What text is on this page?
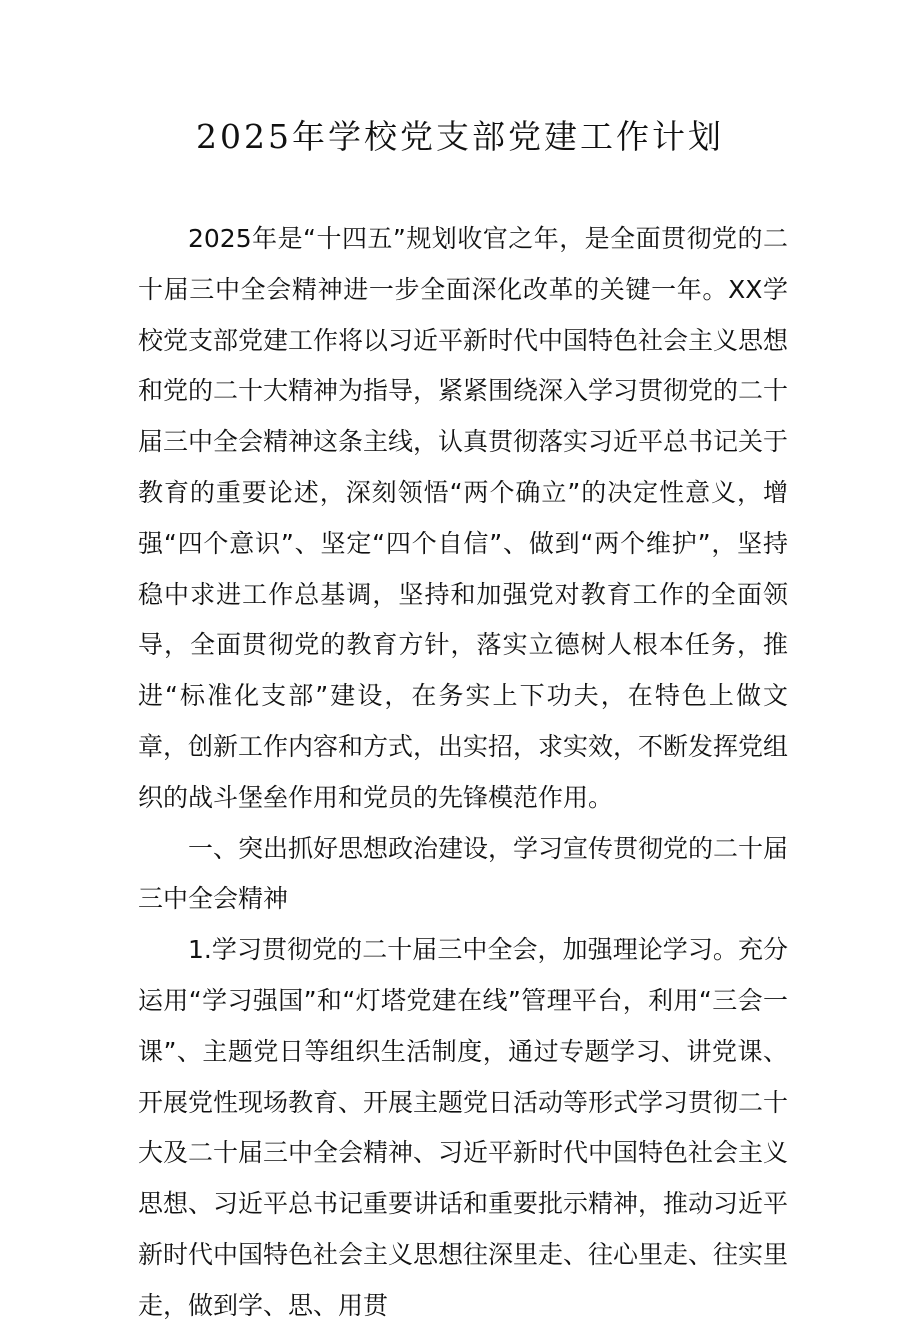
2025年学校党支部党建工作计划

2025年是“十四五”规划收官之年，是全面贯彻党的二十届三中全会精神进一步全面深化改革的关键一年。XX学校党支部党建工作将以习近平新时代中国特色社会主义思想和党的二十大精神为指导，紧紧围绕深入学习贯彻党的二十届三中全会精神这条主线，认真贯彻落实习近平总书记关于教育的重要论述，深刻领悟“两个确立”的决定性意义，增强“四个意识”、坚定“四个自信”、做到“两个维护”，坚持稳中求进工作总基调，坚持和加强党对教育工作的全面领导，全面贯彻党的教育方针，落实立德树人根本任务，推进“标准化支部”建设，在务实上下功夫，在特色上做文章，创新工作内容和方式，出实招，求实效，不断发挥党组织的战斗堡垒作用和党员的先锋模范作用。

一、突出抓好思想政治建设，学习宣传贯彻党的二十届三中全会精神

1.学习贯彻党的二十届三中全会，加强理论学习。充分运用“学习强国”和“灯塔党建在线”管理平台，利用“三会一课”、主题党日等组织生活制度，通过专题学习、讲党课、开展党性现场教育、开展主题党日活动等形式学习贯彻二十大及二十届三中全会精神、习近平新时代中国特色社会主义思想、习近平总书记重要讲话和重要批示精神，推动习近平新时代中国特色社会主义思想往深里走、往心里走、往实里走，做到学、思、用贯
